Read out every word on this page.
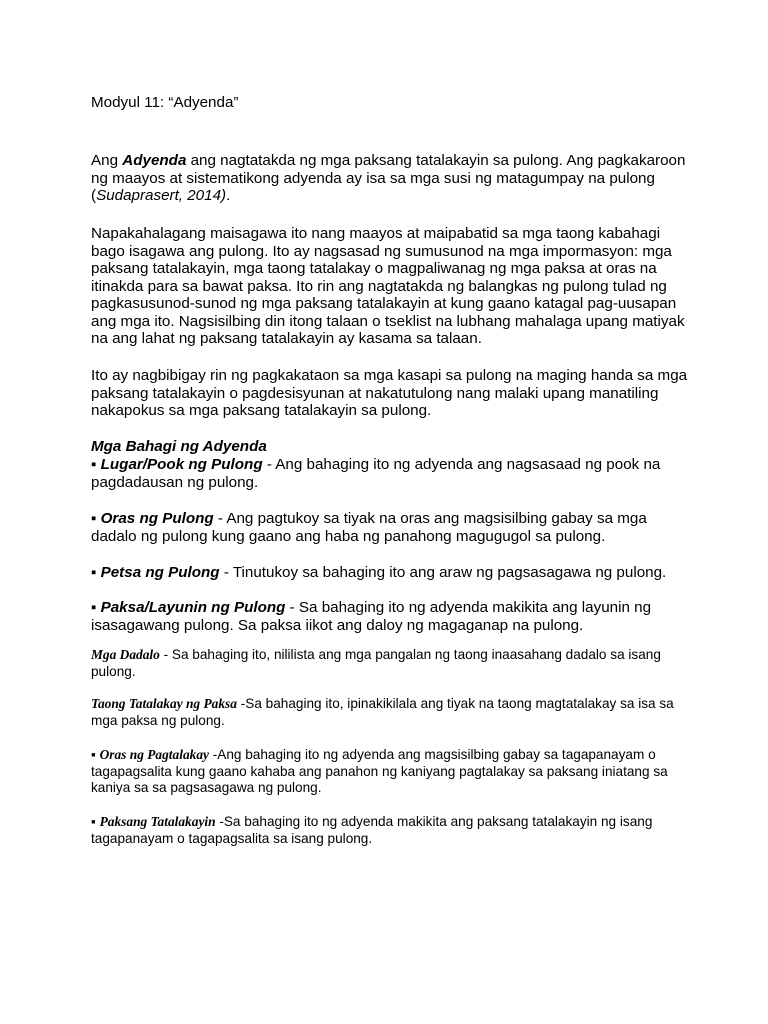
Modyul 11: “Adyenda”

Ang Adyenda ang nagtatakda ng mga paksang tatalakayin sa pulong. Ang pagkakaroon ng maayos at sistematikong adyenda ay isa sa mga susi ng matagumpay na pulong (Sudaprasert, 2014).

Napakahalagang maisagawa ito nang maayos at maipabatid sa mga taong kabahagi bago isagawa ang pulong. Ito ay nagsasad ng sumusunod na mga impormasyon: mga paksang tatalakayin, mga taong tatalakay o magpaliwanag ng mga paksa at oras na itinakda para sa bawat paksa. Ito rin ang nagtatakda ng balangkas ng pulong tulad ng pagkasusunod-sunod ng mga paksang tatalakayin at kung gaano katagal pag-uusapan ang mga ito. Nagsisilbing din itong talaan o tseklist na lubhang mahalaga upang matiyak na ang lahat ng paksang tatalakayin ay kasama sa talaan.

Ito ay nagbibigay rin ng pagkakataon sa mga kasapi sa pulong na maging handa sa mga paksang tatalakayin o pagdesisyunan at nakatutulong nang malaki upang manatiling nakapokus sa mga paksang tatalakayin sa pulong.

Mga Bahagi ng Adyenda

▪ Lugar/Pook ng Pulong - Ang bahaging ito ng adyenda ang nagsasaad ng pook na pagdadausan ng pulong.

▪ Oras ng Pulong - Ang pagtukoy sa tiyak na oras ang magsisilbing gabay sa mga dadalo ng pulong kung gaano ang haba ng panahong magugugol sa pulong.

▪ Petsa ng Pulong - Tinutukoy sa bahaging ito ang araw ng pagsasagawa ng pulong.

▪ Paksa/Layunin ng Pulong - Sa bahaging ito ng adyenda makikita ang layunin ng isasagawang pulong. Sa paksa iikot ang daloy ng magaganap na pulong.

Mga Dadalo - Sa bahaging ito, nililista ang mga pangalan ng taong inaasahang dadalo sa isang pulong.

Taong Tatalakay ng Paksa -Sa bahaging ito, ipinakikilala ang tiyak na taong magtatalakay sa isa sa mga paksa ng pulong.

▪ Oras ng Pagtalakay -Ang bahaging ito ng adyenda ang magsisilbing gabay sa tagapanayam o tagapagsalita kung gaano kahaba ang panahon ng kaniyang pagtalakay sa paksang iniatang sa kaniya sa sa pagsasagawa ng pulong.

▪ Paksang Tatalakayin -Sa bahaging ito ng adyenda makikita ang paksang tatalakayin ng isang tagapanayam o tagapagsalita sa isang pulong.
